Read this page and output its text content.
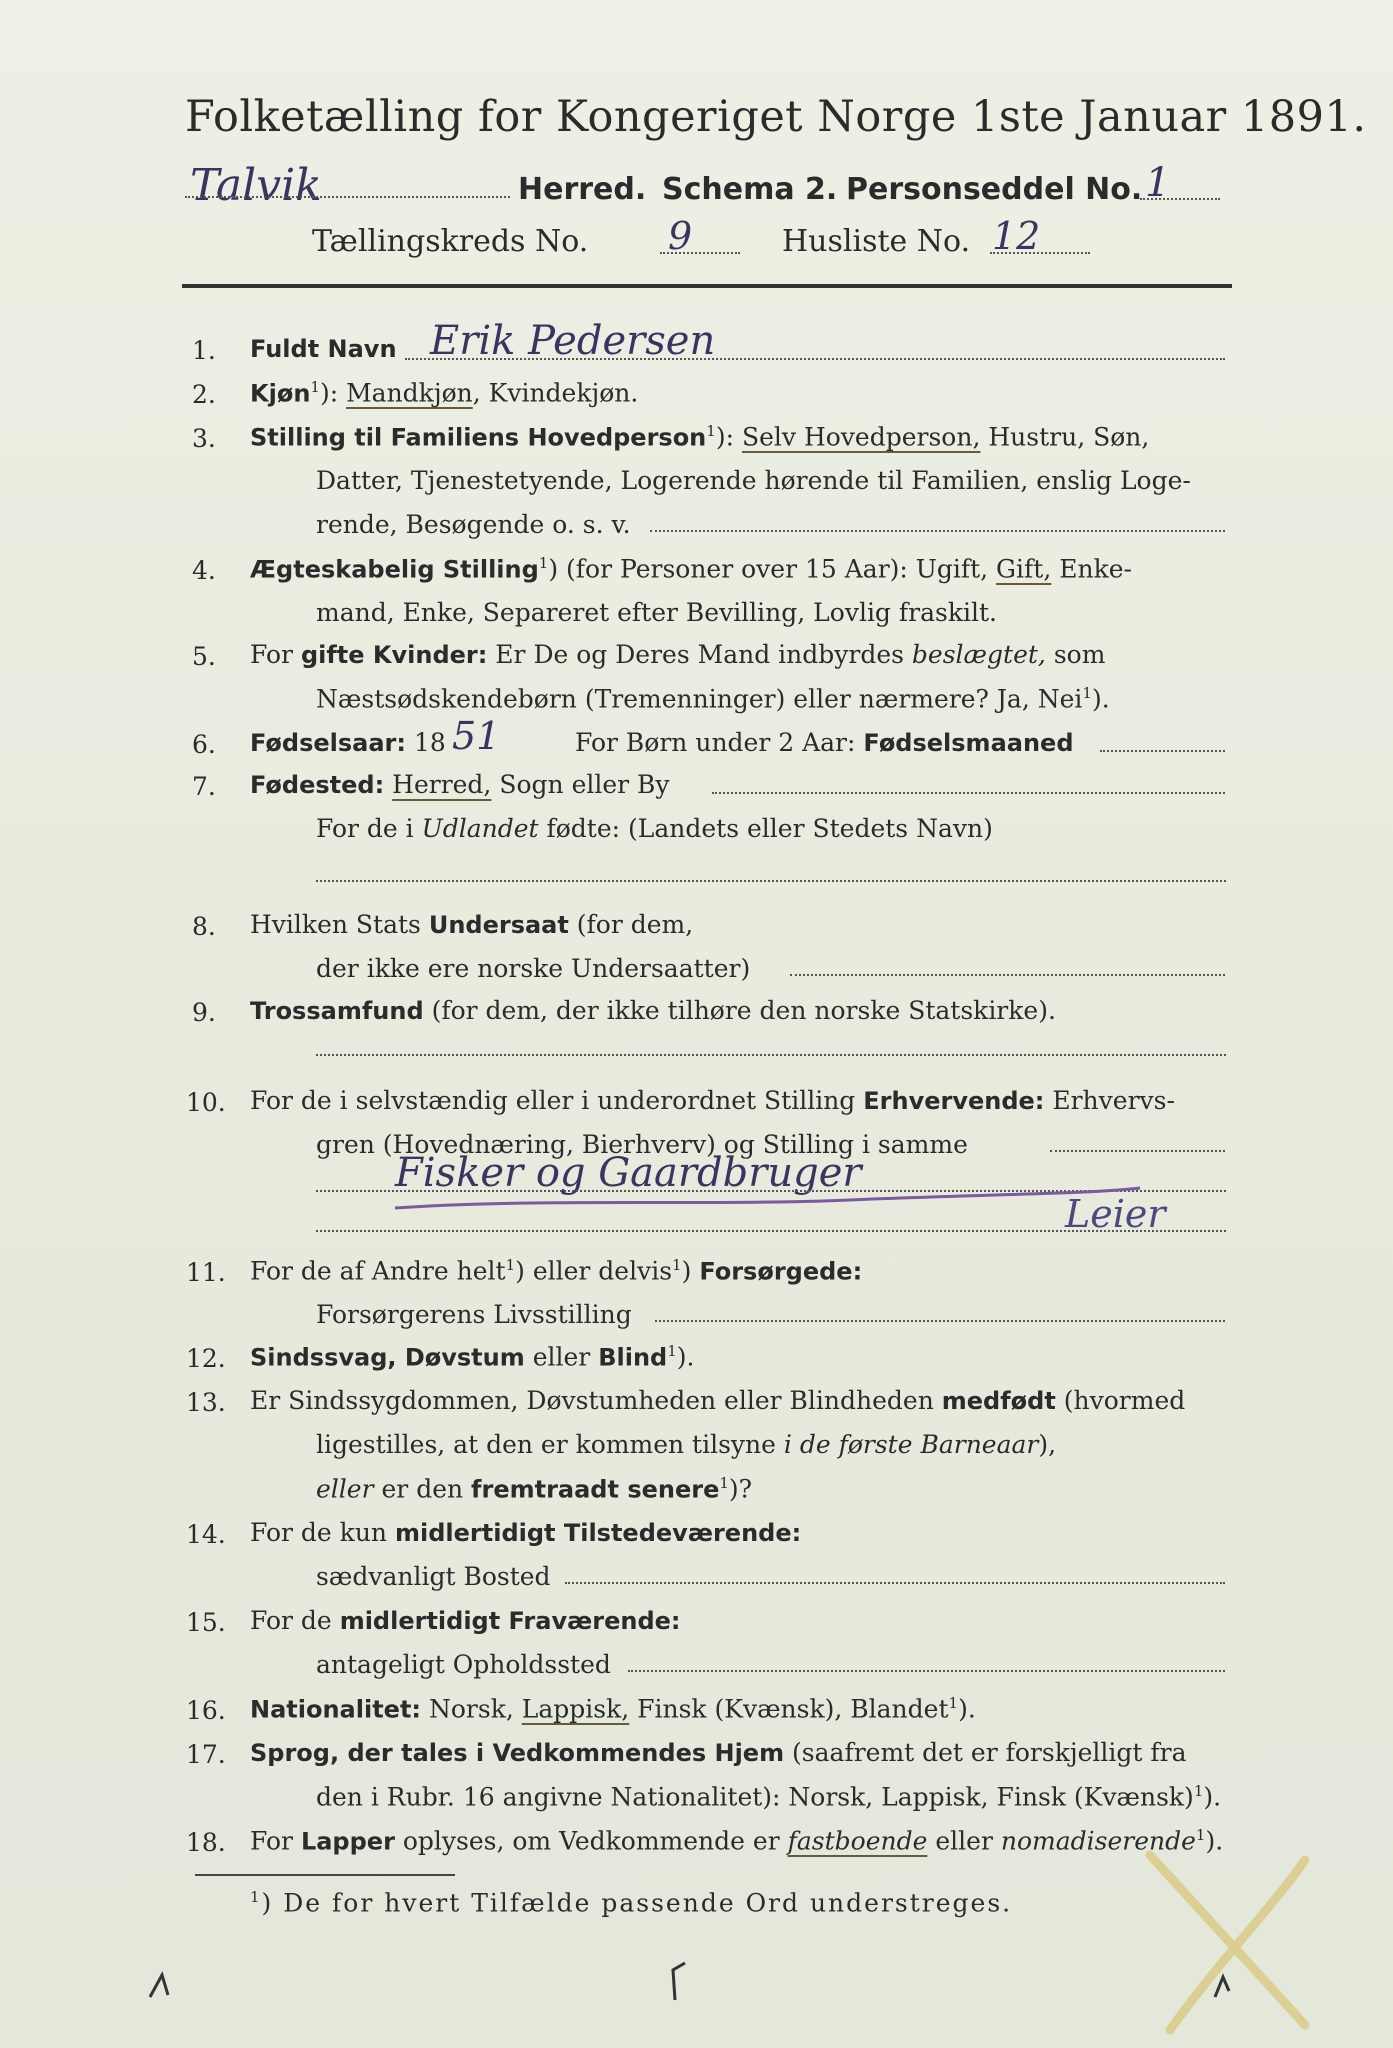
Folketælling for Kongeriget Norge 1ste Januar 1891.
Talvik	Herred. Schema 2. Personseddel No. 1
Tællingskreds No. 9	Husliste No. 12
1. Fuldt Navn Erik Pedersen
2. Kjøn$^1$): Mandkjøn, Kvindekjøn.
3. Stilling til Familiens Hovedperson$^1$): Selv Hovedperson, Hustru, Søn,
Datter, Tjenestetyende, Logerende hørende til Familien, enslig Loge-
rende, Besøgende o. s. v.
4. Ægteskabelig Stilling$^1$) (for Personer over 15 Aar): Ugift, Gift, Enke-
mand, Enke, Separeret efter Bevilling, Lovlig fraskilt.
5. For gifte Kvinder: Er De og Deres Mand indbyrdes beslægtet, som
Næstsødskendebørn (Tremenninger) eller nærmere? Ja, Nei$^1$).
6. Fødselsaar: 18 51	For Børn under 2 Aar: Fødselsmaaned
7. Fødested: Herred, Sogn eller By
For de i Udlandet fødte: (Landets eller Stedets Navn)
8. Hvilken Stats Undersaat (for dem,
der ikke ere norske Undersaatter)
9. Trossamfund (for dem, der ikke tilhøre den norske Statskirke).
10. For de i selvstændig eller i underordnet Stilling Erhvervende: Erhvervs-
gren (Hovednæring, Bierhverv) og Stilling i samme
Fisker og Gaardbruger
Leier
11. For de af Andre helt$^1$) eller delvis$^1$) Forsørgede:
Forsørgerens Livsstilling
12. Sindssvag, Døvstum eller Blind$^1$).
13. Er Sindssygdommen, Døvstumheden eller Blindheden medfødt (hvormed
ligestilles, at den er kommen tilsyne i de første Barneaar),
eller er den fremtraadt senere$^1$)?
14. For de kun midlertidigt Tilstedeværende:
sædvanligt Bosted
15. For de midlertidigt Fraværende:
antageligt Opholdssted
16. Nationalitet: Norsk, Lappisk, Finsk (Kvænsk), Blandet$^1$).
17. Sprog, der tales i Vedkommendes Hjem (saafremt det er forskjelligt fra
den i Rubr. 16 angivne Nationalitet): Norsk, Lappisk, Finsk (Kvænsk)$^1$).
18. For Lapper oplyses, om Vedkommende er fastboende eller nomadiserende$^1$).
$^1$) De for hvert Tilfælde passende Ord understreges.
